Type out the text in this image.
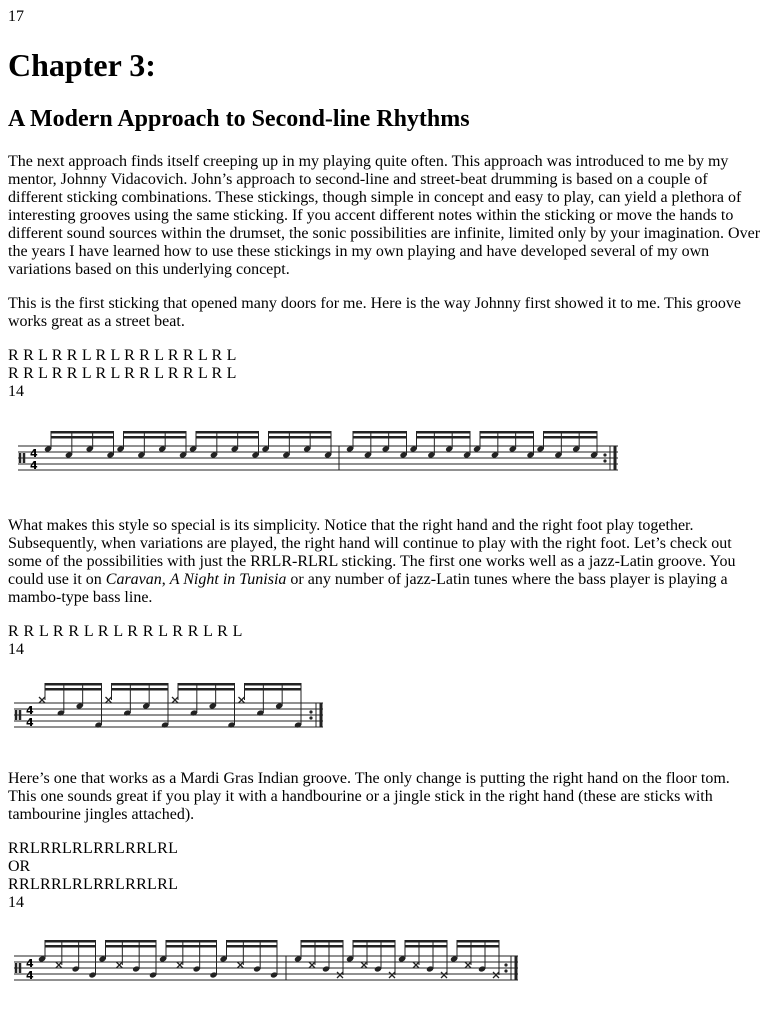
17
Chapter 3:
A Modern Approach to Second-line Rhythms

The next approach finds itself creeping up in my playing quite often. This approach was introduced to me by my mentor, Johnny Vidacovich. John’s approach to second-line and street-beat drumming is based on a couple of different sticking combinations. These stickings, though simple in concept and easy to play, can yield a plethora of interesting grooves using the same sticking. If you accent different notes within the sticking or move the hands to different sound sources within the drumset, the sonic possibilities are infinite, limited only by your imagination. Over the years I have learned how to use these stickings in my own playing and have developed several of my own variations based on this underlying concept.

This is the first sticking that opened many doors for me. Here is the way Johnny first showed it to me. This groove works great as a street beat.

R R L R R L R L R R L R R L R L
R R L R R L R L R R L R R L R L
14
4
4

What makes this style so special is its simplicity. Notice that the right hand and the right foot play together. Subsequently, when variations are played, the right hand will continue to play with the right foot. Let’s check out some of the possibilities with just the RRLR-RLRL sticking. The first one works well as a jazz-Latin groove. You could use it on Caravan, A Night in Tunisia or any number of jazz-Latin tunes where the bass player is playing a mambo-type bass line.

R R L R R L R L R R L R R L R L
14
4
4

Here’s one that works as a Mardi Gras Indian groove. The only change is putting the right hand on the floor tom. This one sounds great if you play it with a handbourine or a jingle stick in the right hand (these are sticks with tambourine jingles attached).

RRLRRLRLRRLRRLRL
OR
RRLRRLRLRRLRRLRL
14
4
4
